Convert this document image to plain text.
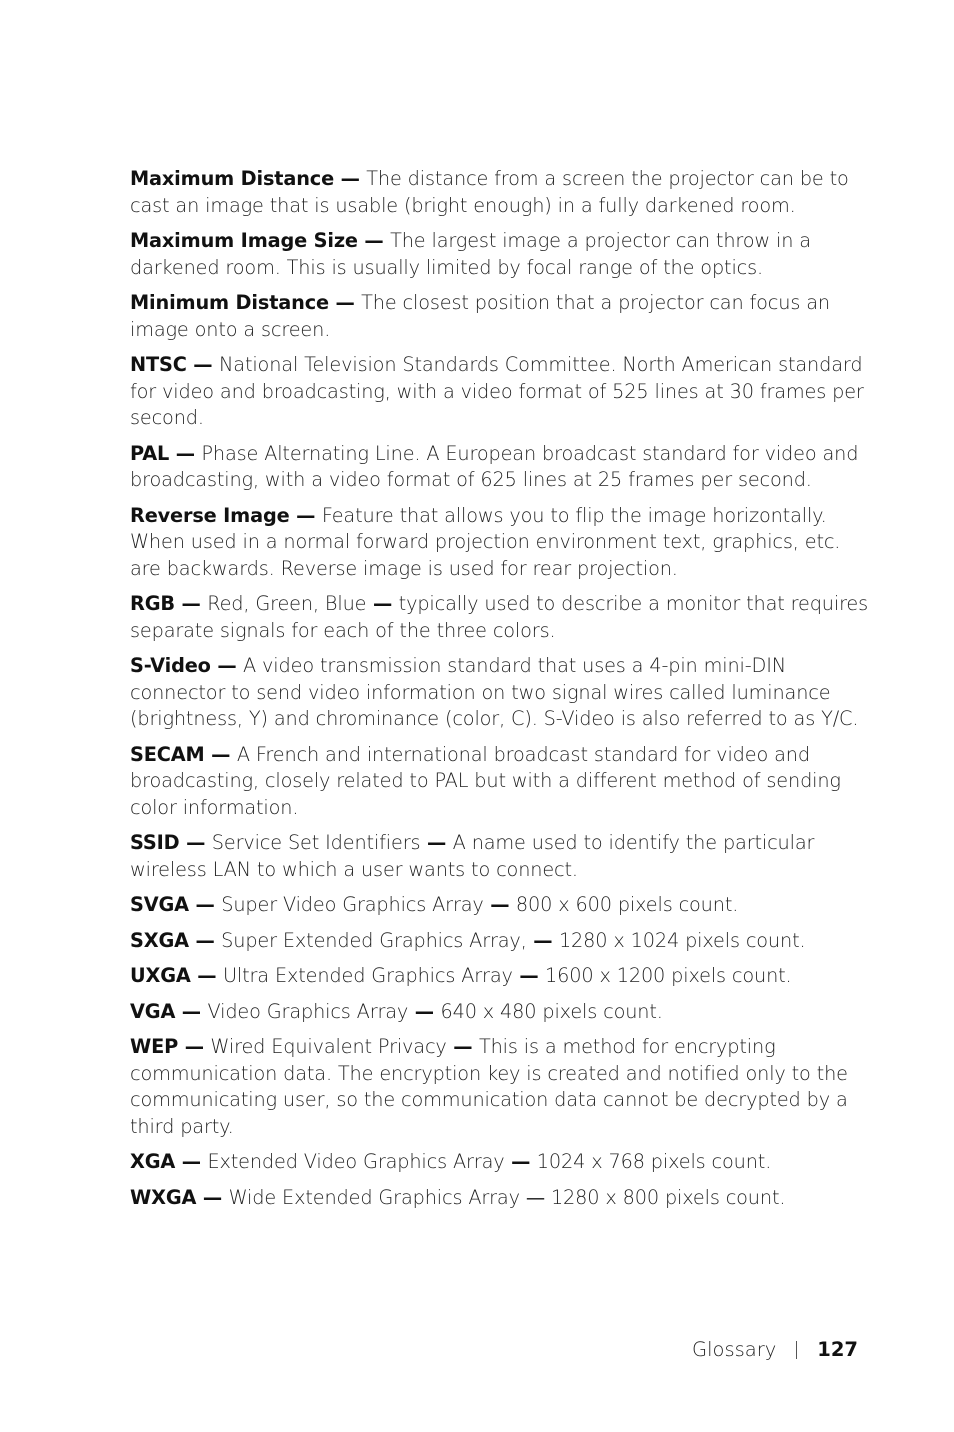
Maximum Distance — The distance from a screen the projector can be to cast an image that is usable (bright enough) in a fully darkened room.

Maximum Image Size — The largest image a projector can throw in a darkened room. This is usually limited by focal range of the optics.

Minimum Distance — The closest position that a projector can focus an image onto a screen.

NTSC — National Television Standards Committee. North American standard for video and broadcasting, with a video format of 525 lines at 30 frames per second.

PAL — Phase Alternating Line. A European broadcast standard for video and broadcasting, with a video format of 625 lines at 25 frames per second.

Reverse Image — Feature that allows you to flip the image horizontally. When used in a normal forward projection environment text, graphics, etc. are backwards. Reverse image is used for rear projection.

RGB — Red, Green, Blue — typically used to describe a monitor that requires separate signals for each of the three colors.

S-Video — A video transmission standard that uses a 4-pin mini-DIN connector to send video information on two signal wires called luminance (brightness, Y) and chrominance (color, C). S-Video is also referred to as Y/C.

SECAM — A French and international broadcast standard for video and broadcasting, closely related to PAL but with a different method of sending color information.

SSID — Service Set Identifiers — A name used to identify the particular wireless LAN to which a user wants to connect.

SVGA — Super Video Graphics Array — 800 x 600 pixels count.

SXGA — Super Extended Graphics Array, — 1280 x 1024 pixels count.

UXGA — Ultra Extended Graphics Array — 1600 x 1200 pixels count.

VGA — Video Graphics Array — 640 x 480 pixels count.

WEP — Wired Equivalent Privacy — This is a method for encrypting communication data. The encryption key is created and notified only to the communicating user, so the communication data cannot be decrypted by a third party.

XGA — Extended Video Graphics Array — 1024 x 768 pixels count.

WXGA — Wide Extended Graphics Array — 1280 x 800 pixels count.

Glossary 127
